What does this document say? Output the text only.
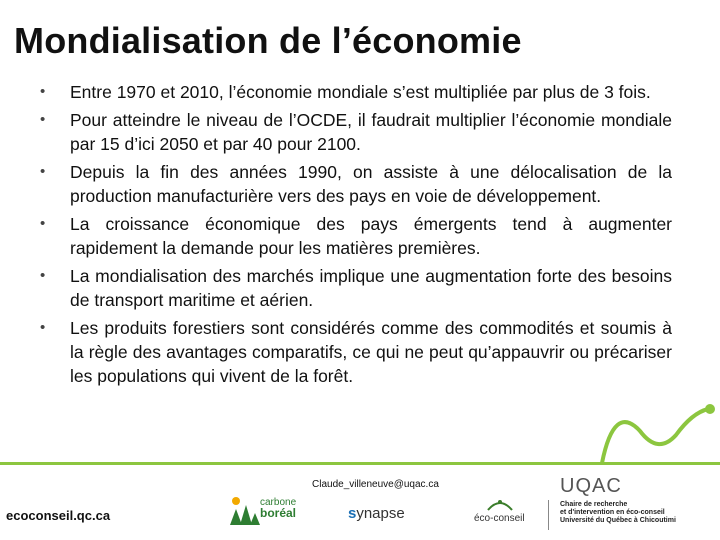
Mondialisation de l’économie
• Entre 1970 et 2010, l’économie mondiale s’est multipliée par plus de 3 fois.
• Pour atteindre le niveau de l’OCDE, il faudrait multiplier l’économie mondiale par 15 d’ici 2050 et par 40 pour 2100.
• Depuis la fin des années 1990, on assiste à une délocalisation de la production manufacturière vers des pays en voie de développement.
• La croissance économique des pays émergents tend à augmenter rapidement la demande pour les matières premières.
• La mondialisation des marchés implique une augmentation forte des besoins de transport maritime et aérien.
• Les produits forestiers sont considérés comme des commodités et soumis à la règle des avantages comparatifs, ce qui ne peut qu’appauvrir ou précariser les populations qui vivent de la forêt.
Claude_villeneuve@uqac.ca
ecoconseil.qc.ca
carbone
boréal	synapse	éco-conseil
UQAC
Chaire de recherche
et d'intervention en éco-conseil
Université du Québec à Chicoutimi
